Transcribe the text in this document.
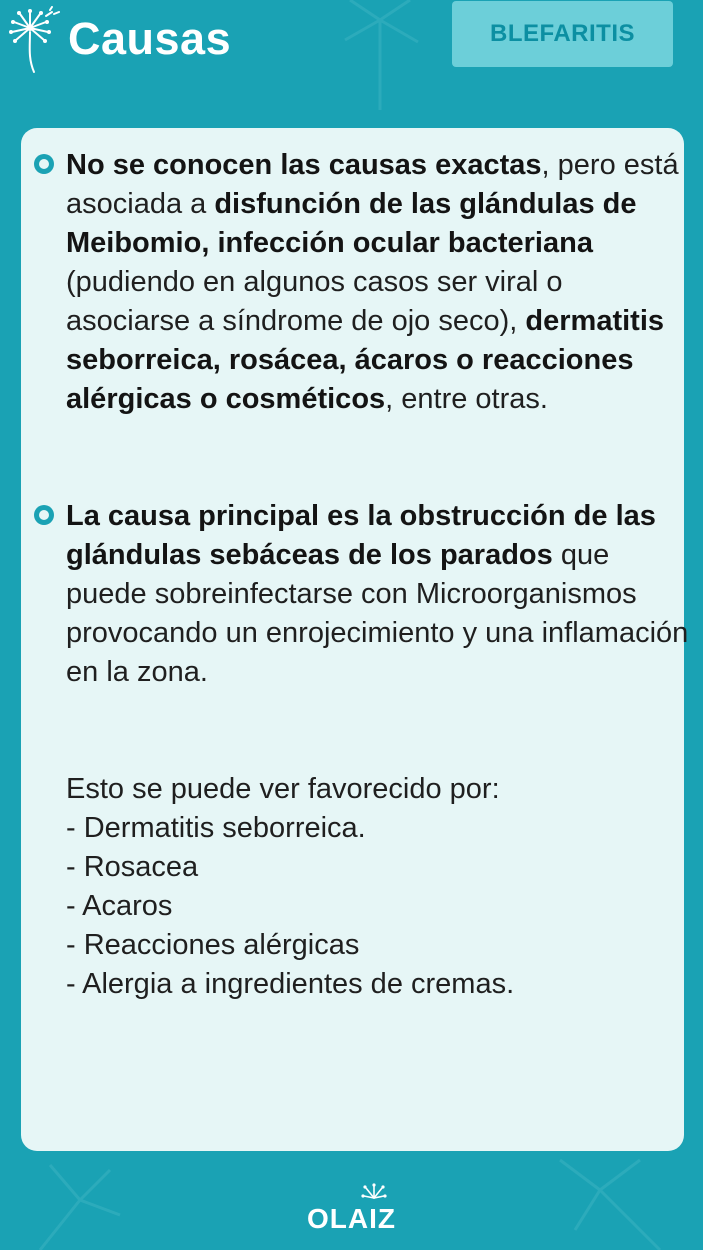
Causas	BLEFARITIS

No se conocen las causas exactas, pero está asociada a disfunción de las glándulas de Meibomio, infección ocular bacteriana (pudiendo en algunos casos ser viral o asociarse a síndrome de ojo seco), dermatitis seborreica, rosácea, ácaros o reacciones alérgicas o cosméticos, entre otras.

La causa principal es la obstrucción de las glándulas sebáceas de los parados que puede sobreinfectarse con Microorganismos provocando un enrojecimiento y una inflamación en la zona.

Esto se puede ver favorecido por:
- Dermatitis seborreica.
- Rosacea
- Acaros
- Reacciones alérgicas
- Alergia a ingredientes de cremas.
OLAIZ
